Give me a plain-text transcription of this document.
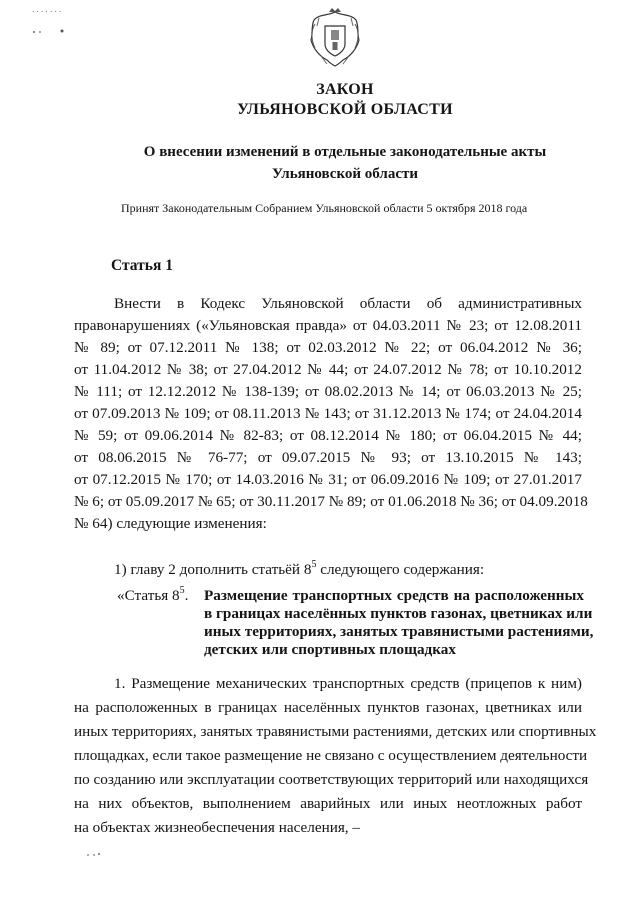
. . . . . . .
ЗАКОН
УЛЬЯНОВСКОЙ ОБЛАСТИ
О внесении изменений в отдельные законодательные акты
Ульяновской области
Принят Законодательным Собранием Ульяновской области 5 октября 2018 года
Статья 1
Внести в Кодекс Ульяновской области об административных
правонарушениях («Ульяновская правда» от 04.03.2011 № 23; от 12.08.2011
№ 89; от 07.12.2011 № 138; от 02.03.2012 № 22; от 06.04.2012 № 36;
от 11.04.2012 № 38; от 27.04.2012 № 44; от 24.07.2012 № 78; от 10.10.2012
№ 111; от 12.12.2012 № 138-139; от 08.02.2013 № 14; от 06.03.2013 № 25;
от 07.09.2013 № 109; от 08.11.2013 № 143; от 31.12.2013 № 174; от 24.04.2014
№ 59; от 09.06.2014 № 82-83; от 08.12.2014 № 180; от 06.04.2015 № 44;
от 08.06.2015 № 76-77; от 09.07.2015 № 93; от 13.10.2015 № 143;
от 07.12.2015 № 170; от 14.03.2016 № 31; от 06.09.2016 № 109; от 27.01.2017
№ 6; от 05.09.2017 № 65; от 30.11.2017 № 89; от 01.06.2018 № 36; от 04.09.2018
№ 64) следующие изменения:
1) главу 2 дополнить статьёй $8^5$ следующего содержания:
«Статья $8^5$. Размещение транспортных средств на расположенных
в границах населённых пунктов газонах, цветниках или
иных территориях, занятых травянистыми растениями,
детских или спортивных площадках
1. Размещение механических транспортных средств (прицепов к ним)
на расположенных в границах населённых пунктов газонах, цветниках или
иных территориях, занятых травянистыми растениями, детских или спортивных
площадках, если такое размещение не связано с осуществлением деятельности
по созданию или эксплуатации соответствующих территорий или находящихся
на них объектов, выполнением аварийных или иных неотложных работ
на объектах жизнеобеспечения населения, –
